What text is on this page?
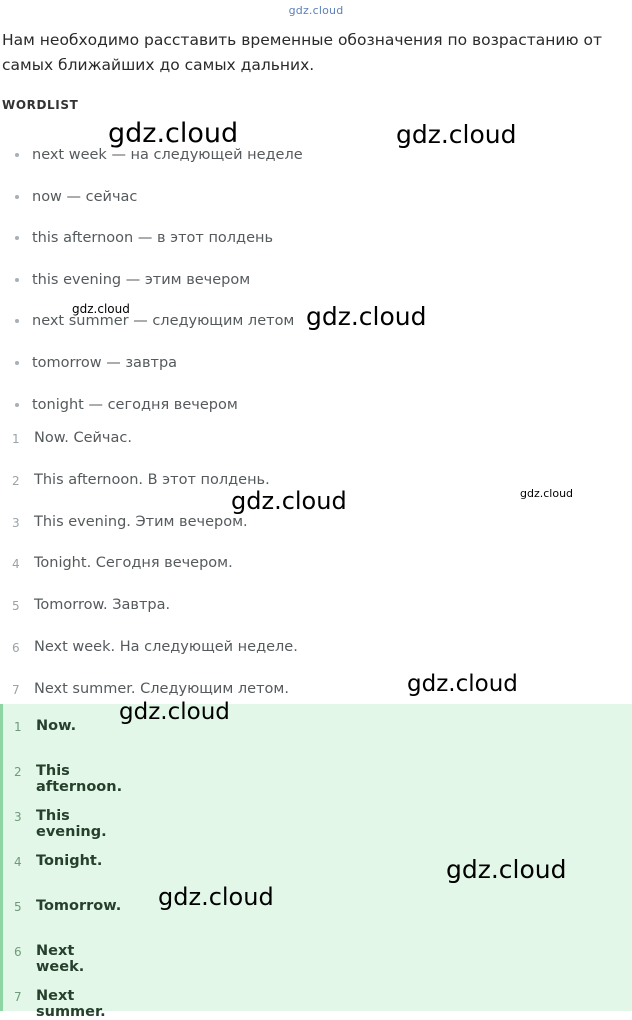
gdz.cloud
Нам необходимо расставить временные обозначения по возрастанию от самых ближайших до самых дальних.
WORDLIST
next week — на следующей неделе
now — сейчас
this afternoon — в этот полдень
this evening — этим вечером
next summer — следующим летом
tomorrow — завтра
tonight — сегодня вечером
1 Now. Сейчас.
2 This afternoon. В этот полдень.
3 This evening. Этим вечером.
4 Tonight. Сегодня вечером.
5 Tomorrow. Завтра.
6 Next week. На следующей неделе.
7 Next summer. Следующим летом.
1 Now.
2 This afternoon.
3 This evening.
4 Tonight.
5 Tomorrow.
6 Next week.
7 Next summer.
gdz.cloud	gdz.cloud
gdz.cloud	gdz.cloud
gdz.cloud	gdz.cloud
gdz.cloud
gdz.cloud
gdz.cloud
gdz.cloud
